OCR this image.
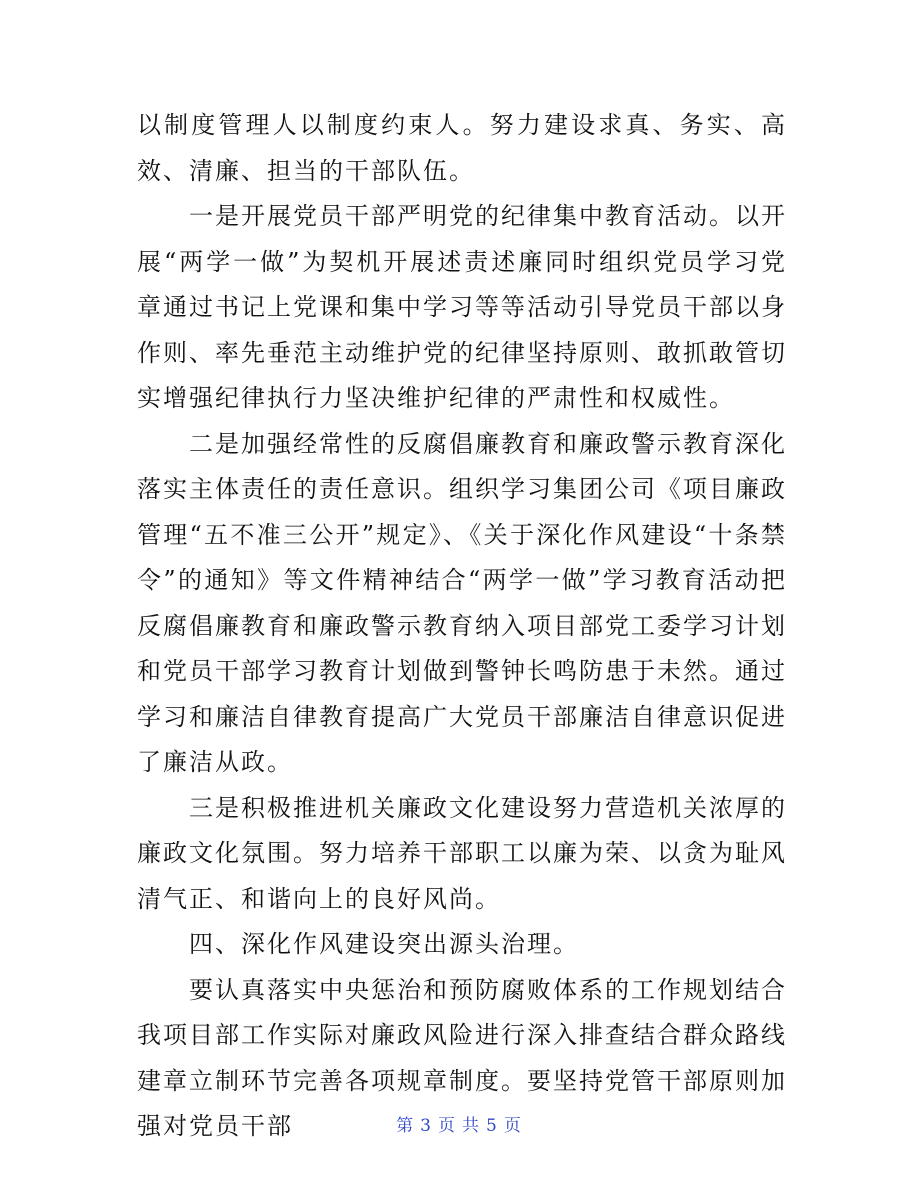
以制度管理人以制度约束人。努力建设求真、务实、高效、清廉、担当的干部队伍。

一是开展党员干部严明党的纪律集中教育活动。以开展“两学一做”为契机开展述责述廉同时组织党员学习党章通过书记上党课和集中学习等等活动引导党员干部以身作则、率先垂范主动维护党的纪律坚持原则、敢抓敢管切实增强纪律执行力坚决维护纪律的严肃性和权威性。

二是加强经常性的反腐倡廉教育和廉政警示教育深化落实主体责任的责任意识。组织学习集团公司《项目廉政管理“五不准三公开”规定》、《关于深化作风建设“十条禁令”的通知》等文件精神结合“两学一做”学习教育活动把反腐倡廉教育和廉政警示教育纳入项目部党工委学习计划和党员干部学习教育计划做到警钟长鸣防患于未然。通过学习和廉洁自律教育提高广大党员干部廉洁自律意识促进了廉洁从政。

三是积极推进机关廉政文化建设努力营造机关浓厚的廉政文化氛围。努力培养干部职工以廉为荣、以贪为耻风清气正、和谐向上的良好风尚。

四、深化作风建设突出源头治理。

要认真落实中央惩治和预防腐败体系的工作规划结合我项目部工作实际对廉政风险进行深入排查结合群众路线建章立制环节完善各项规章制度。要坚持党管干部原则加强对党员干部	第 3 页 共 5 页
